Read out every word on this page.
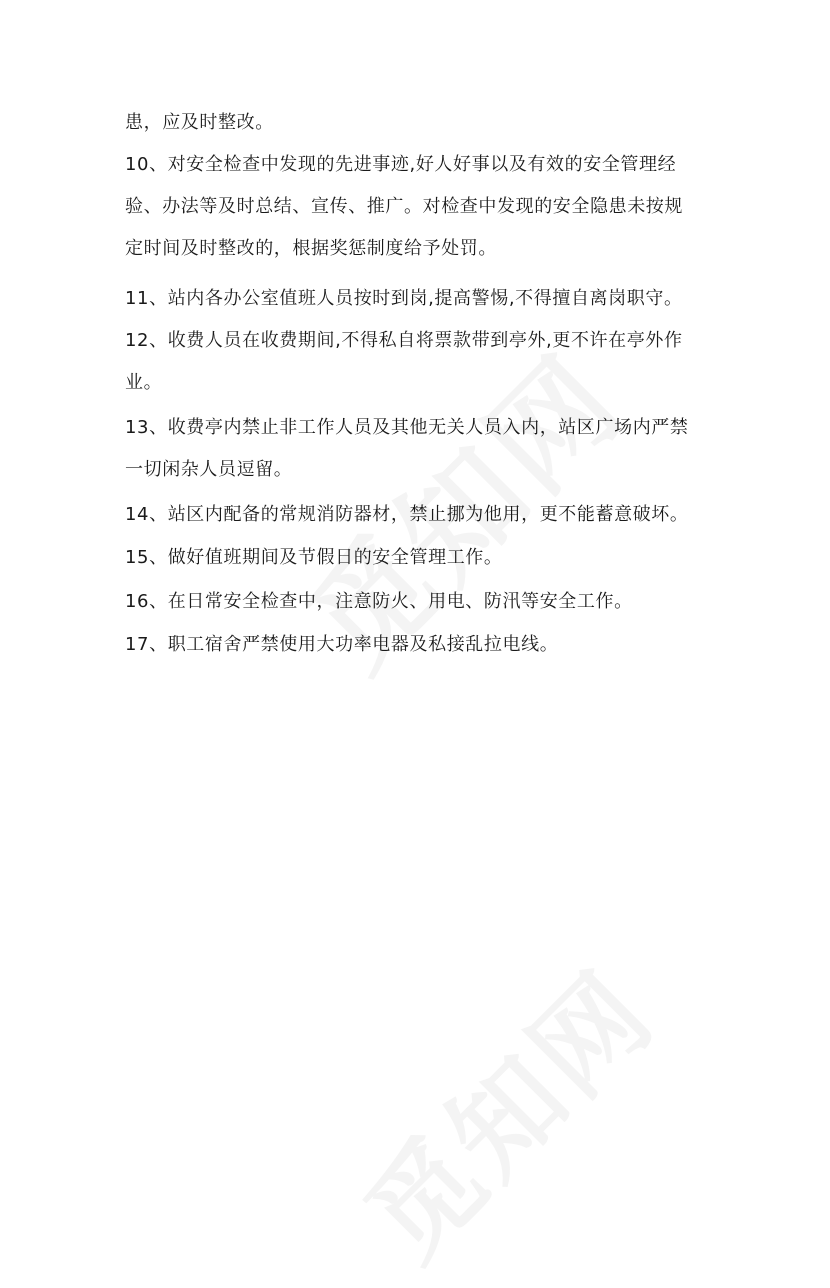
患，应及时整改。

10、对安全检查中发现的先进事迹,好人好事以及有效的安全管理经

验、办法等及时总结、宣传、推广。对检查中发现的安全隐患未按规

定时间及时整改的，根据奖惩制度给予处罚。

11、站内各办公室值班人员按时到岗,提高警惕,不得擅自离岗职守。

12、收费人员在收费期间,不得私自将票款带到亭外,更不许在亭外作

业。

13、收费亭内禁止非工作人员及其他无关人员入内，站区广场内严禁

一切闲杂人员逗留。

14、站区内配备的常规消防器材，禁止挪为他用，更不能蓄意破坏。

15、做好值班期间及节假日的安全管理工作。

16、在日常安全检查中，注意防火、用电、防汛等安全工作。

17、职工宿舍严禁使用大功率电器及私接乱拉电线。
